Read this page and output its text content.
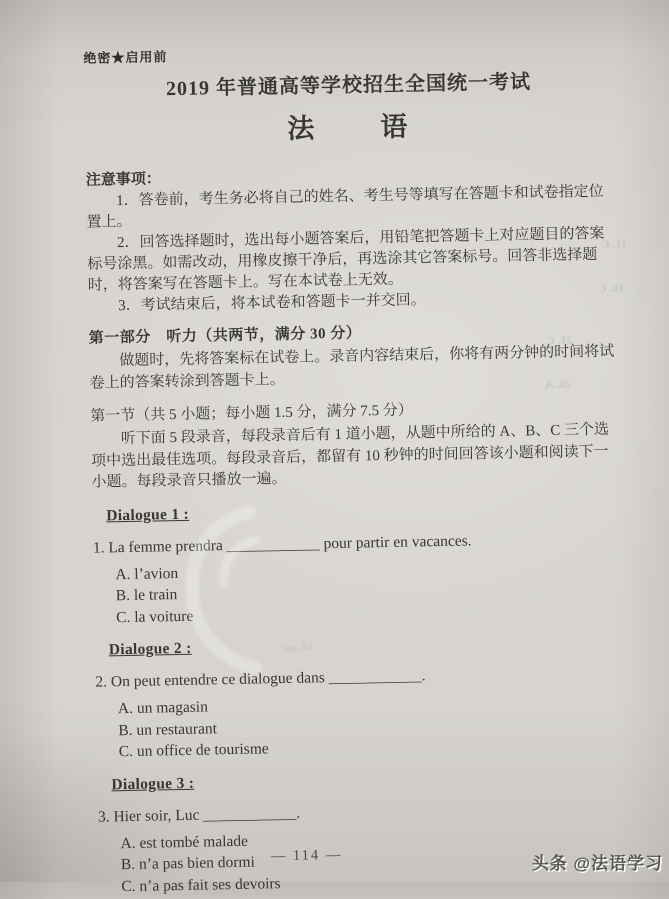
绝密★启用前
2019 年普通高等学校招生全国统一考试
法　　语
注意事项：

1．答卷前，考生务必将自己的姓名、考生号等填写在答题卡和试卷指定位置上。

2．回答选择题时，选出每小题答案后，用铅笔把答题卡上对应题目的答案标号涂黑。如需改动，用橡皮擦干净后，再选涂其它答案标号。回答非选择题时，将答案写在答题卡上。写在本试卷上无效。

3．考试结束后，将本试卷和答题卡一并交回。

第一部分　听力（共两节，满分 30 分）

做题时，先将答案标在试卷上。录音内容结束后，你将有两分钟的时间将试卷上的答案转涂到答题卡上。

第一节（共 5 小题；每小题 1.5 分，满分 7.5 分）

听下面 5 段录音，每段录音后有 1 道小题，从题中所给的 A、B、C 三个选项中选出最佳选项。每段录音后，都留有 10 秒钟的时间回答该小题和阅读下一小题。每段录音只播放一遍。

Dialogue 1 :

1. La femme prendra ____________ pour partir en vacances.

A. l’avion
B. le train
C. la voiture
Dialogue 2 :

2. On peut entendre ce dialogue dans ____________.

A. un magasin
B. un restaurant
C. un office de tourisme
Dialogue 3 :

3. Hier soir, Luc ____________.

A. est tombé malade
B. n’a pas bien dormi
C. n’a pas fait ses devoirs
— 114 —
11. C
16. C
21. C
26. A
61. me
头条 @法语学习
